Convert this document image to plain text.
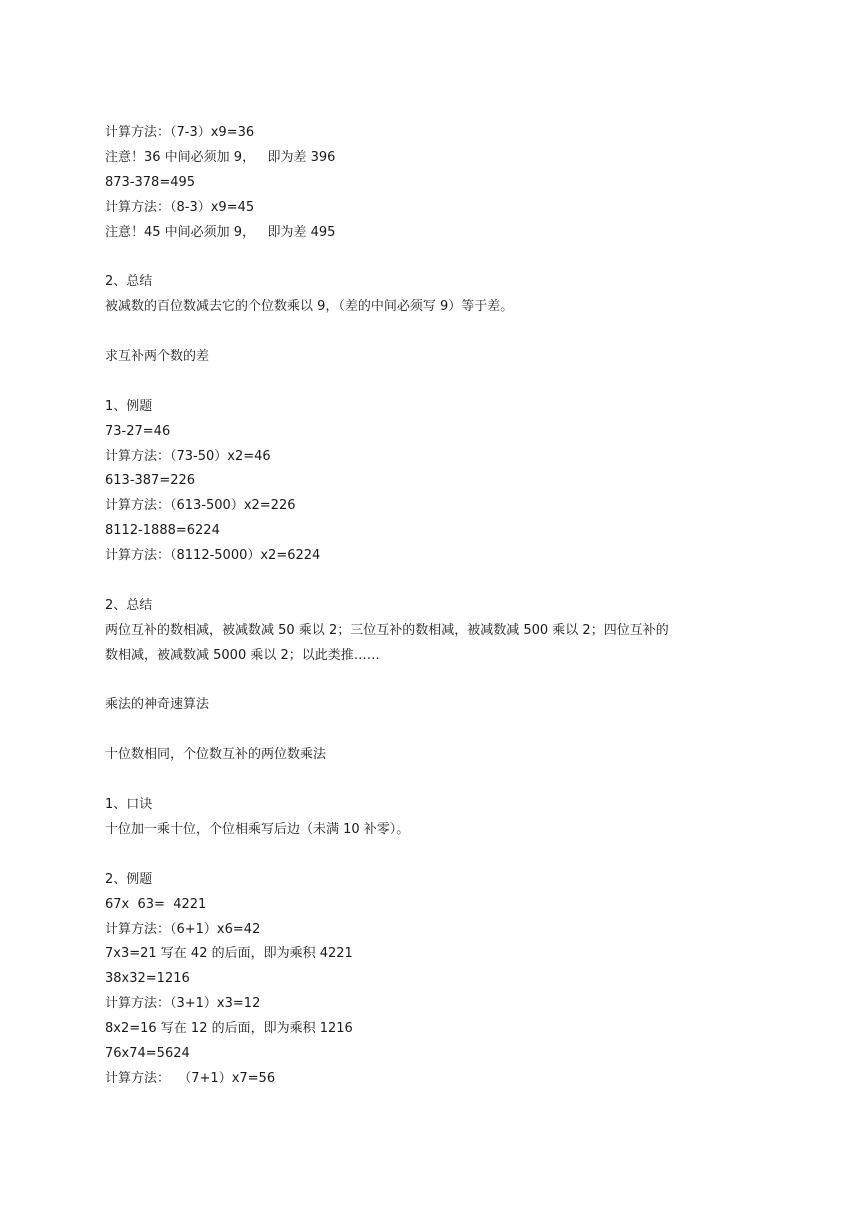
计算方法：（7-3）x9=36
注意！36 中间必须加 9，   即为差 396
873-378=495
计算方法：（8-3）x9=45
注意！45 中间必须加 9，   即为差 495
2、总结
被减数的百位数减去它的个位数乘以 9，（差的中间必须写 9）等于差。
求互补两个数的差
1、例题
73-27=46
计算方法：（73-50）x2=46
613-387=226
计算方法：（613-500）x2=226
8112-1888=6224
计算方法：（8112-5000）x2=6224
2、总结
两位互补的数相减，被减数减 50 乘以 2；三位互补的数相减，被减数减 500 乘以 2；四位互补的
数相减，被减数减 5000 乘以 2；以此类推……
乘法的神奇速算法
十位数相同，个位数互补的两位数乘法
1、口诀
十位加一乘十位，个位相乘写后边（未满 10 补零）。
2、例题
67x  63=  4221
计算方法：（6+1）x6=42
7x3=21 写在 42 的后面，即为乘积 4221
38x32=1216
计算方法：（3+1）x3=12
8x2=16 写在 12 的后面，即为乘积 1216
76x74=5624
计算方法：  （7+1）x7=56
